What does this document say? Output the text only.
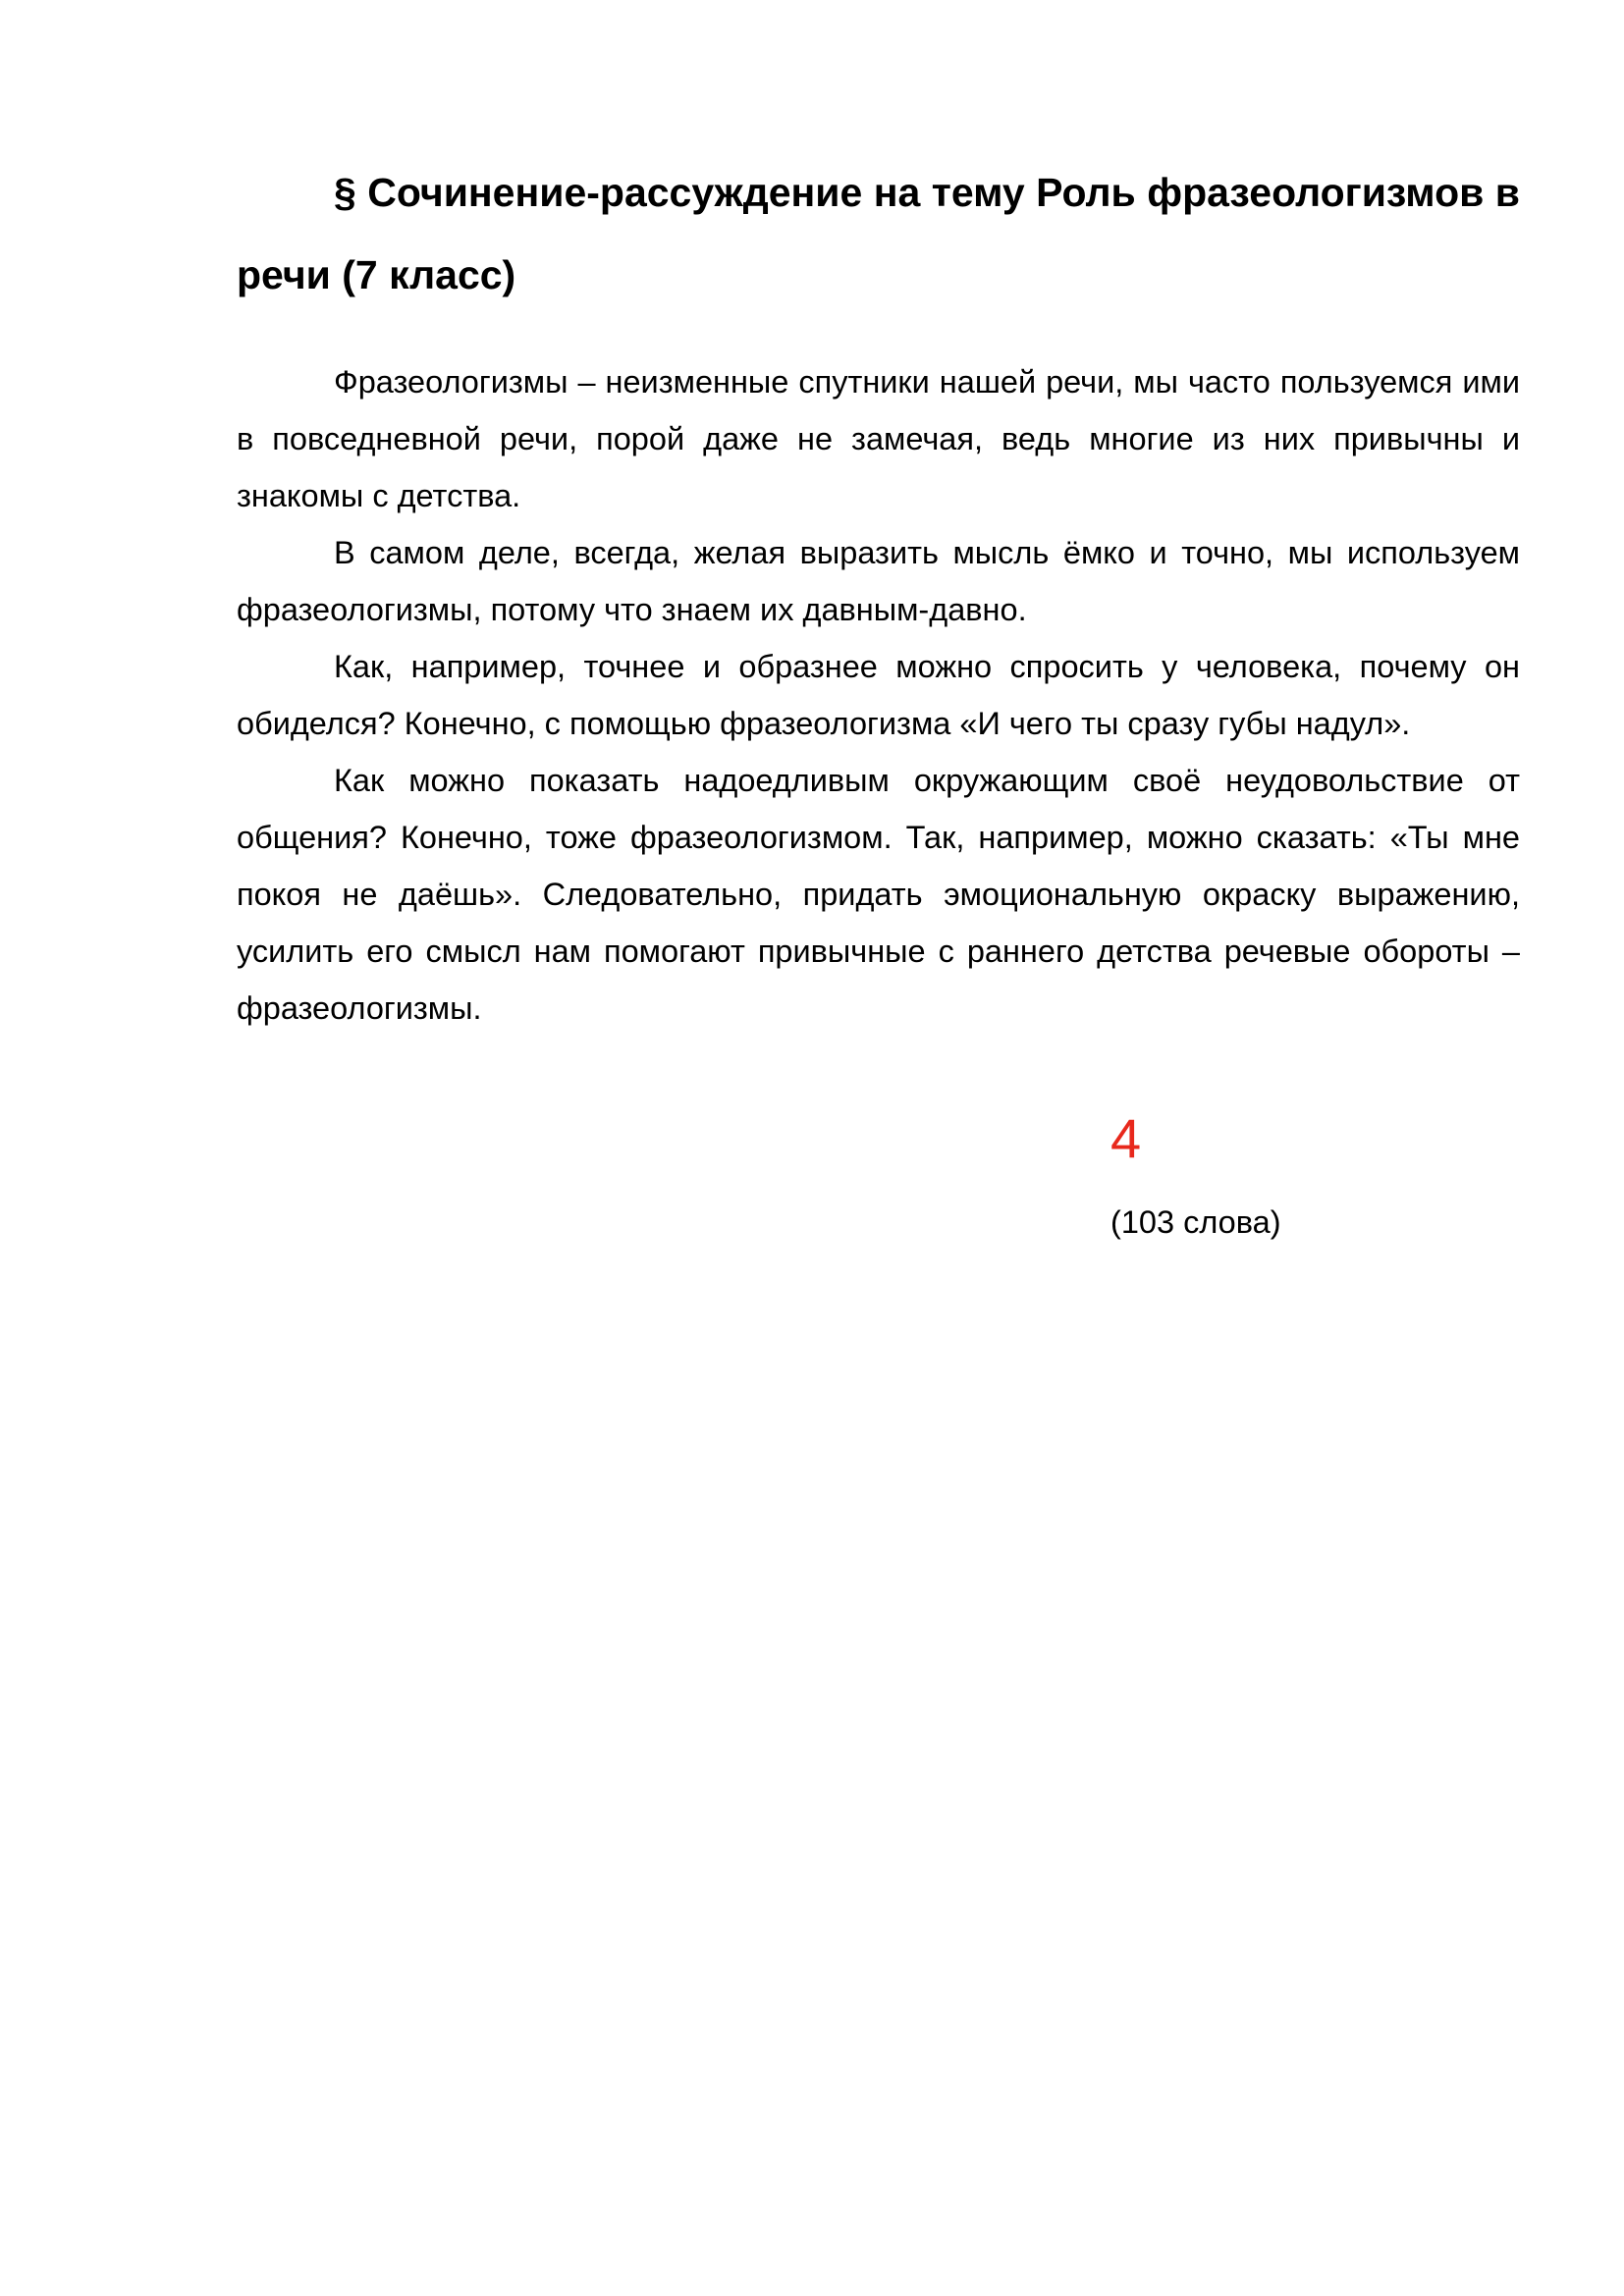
§ Сочинение-рассуждение на тему Роль фразеологизмов в речи (7 класс)

Фразеологизмы – неизменные спутники нашей речи, мы часто пользуемся ими в повседневной речи, порой даже не замечая, ведь многие из них привычны и знакомы с детства.

В самом деле, всегда, желая выразить мысль ёмко и точно, мы используем фразеологизмы, потому что знаем их давным-давно.

Как, например, точнее и образнее можно спросить у человека, почему он обиделся? Конечно, с помощью фразеологизма «И чего ты сразу губы надул».

Как можно показать надоедливым окружающим своё неудовольствие от общения? Конечно, тоже фразеологизмом. Так, например, можно сказать: «Ты мне покоя не даёшь». Следовательно, придать эмоциональную окраску выражению, усилить его смысл нам помогают привычные с раннего детства речевые обороты – фразеологизмы.

4
(103 слова)
